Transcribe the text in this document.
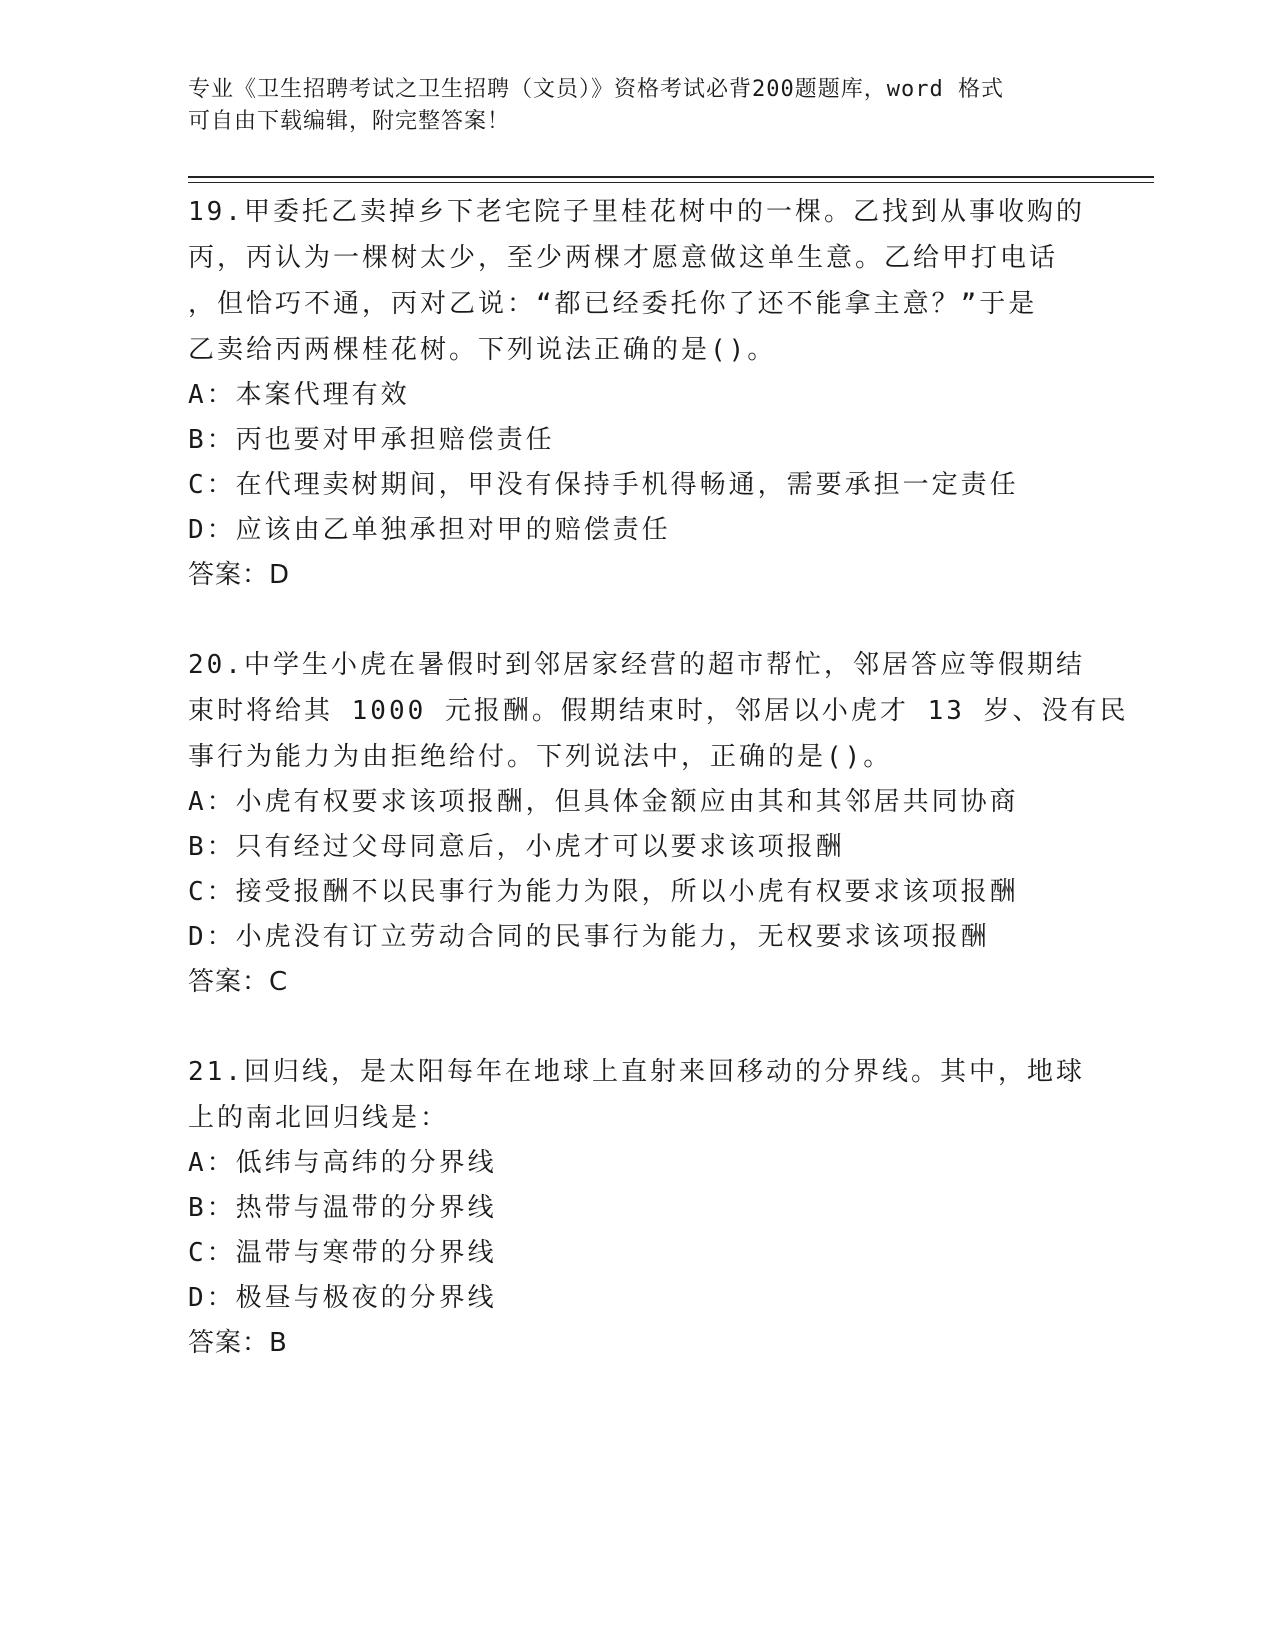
专业《卫生招聘考试之卫生招聘（文员）》资格考试必背200题题库，word 格式
可自由下载编辑，附完整答案！
19.甲委托乙卖掉乡下老宅院子里桂花树中的一棵。乙找到从事收购的
丙，丙认为一棵树太少，至少两棵才愿意做这单生意。乙给甲打电话
，但恰巧不通，丙对乙说：“都已经委托你了还不能拿主意？”于是
乙卖给丙两棵桂花树。下列说法正确的是()。
A：本案代理有效
B：丙也要对甲承担赔偿责任
C：在代理卖树期间，甲没有保持手机得畅通，需要承担一定责任
D：应该由乙单独承担对甲的赔偿责任
答案：D
20.中学生小虎在暑假时到邻居家经营的超市帮忙，邻居答应等假期结
束时将给其 1000 元报酬。假期结束时，邻居以小虎才 13 岁、没有民
事行为能力为由拒绝给付。下列说法中，正确的是()。
A：小虎有权要求该项报酬，但具体金额应由其和其邻居共同协商
B：只有经过父母同意后，小虎才可以要求该项报酬
C：接受报酬不以民事行为能力为限，所以小虎有权要求该项报酬
D：小虎没有订立劳动合同的民事行为能力，无权要求该项报酬
答案：C
21.回归线，是太阳每年在地球上直射来回移动的分界线。其中，地球
上的南北回归线是：
A：低纬与高纬的分界线
B：热带与温带的分界线
C：温带与寒带的分界线
D：极昼与极夜的分界线
答案：B
